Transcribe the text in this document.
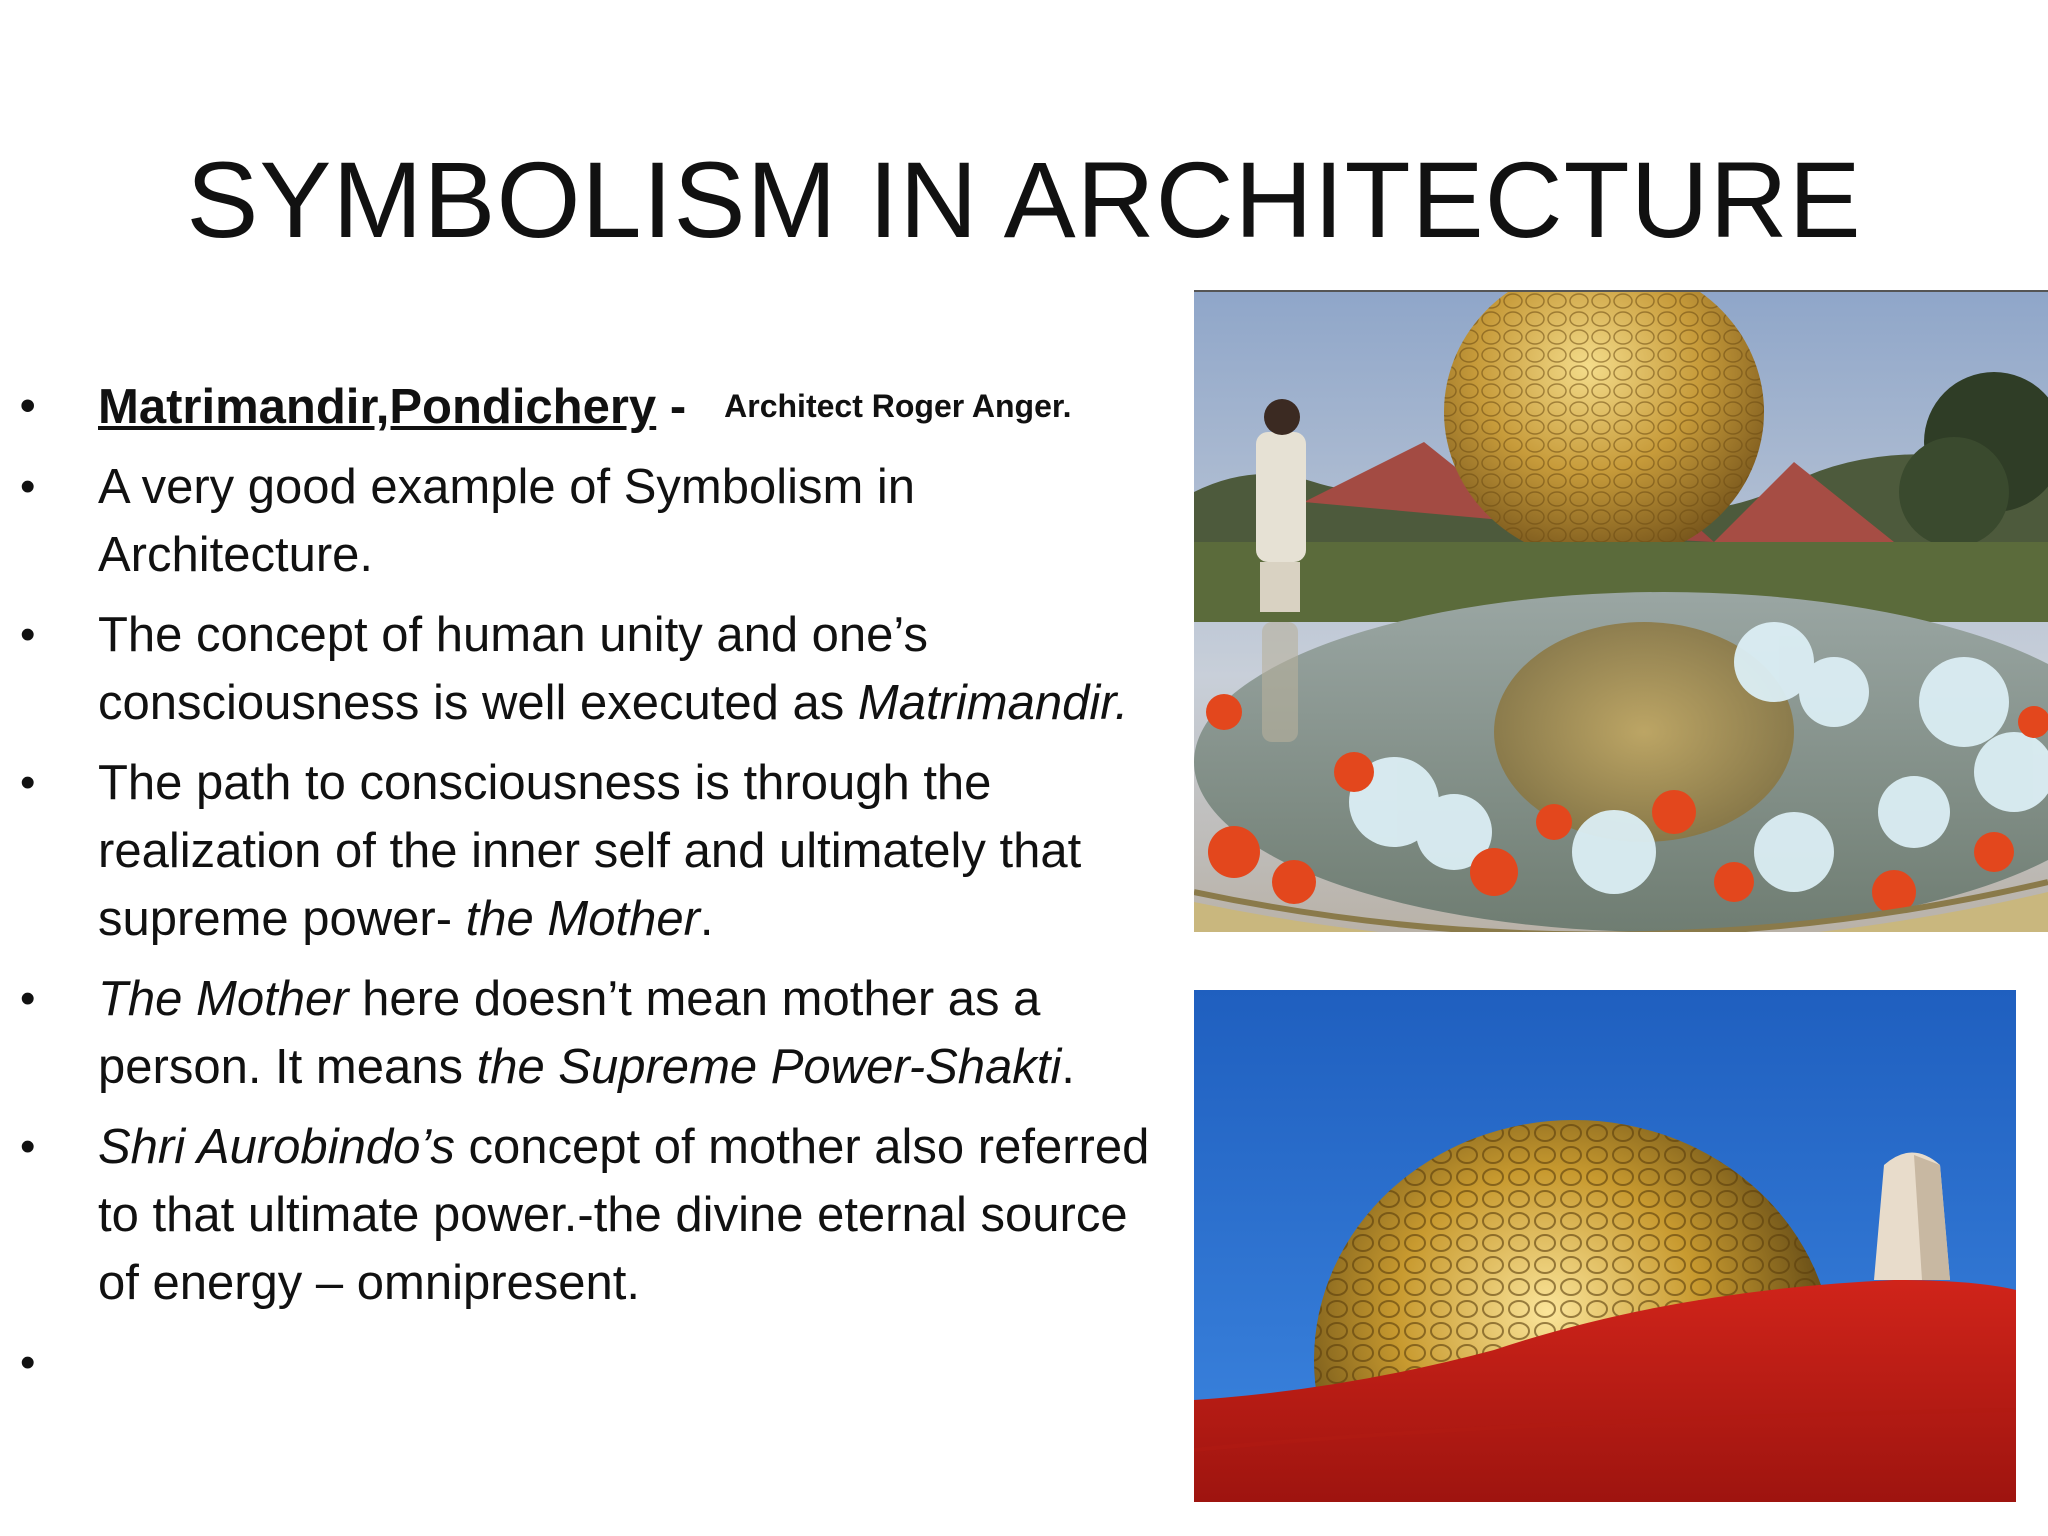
SYMBOLISM IN ARCHITECTURE
• Matrimandir,Pondichery - Architect Roger Anger.
• A very good example of Symbolism in Architecture.
• The concept of human unity and one’s consciousness is well executed as Matrimandir.
• The path to consciousness is through the realization of the inner self and ultimately that supreme power- the Mother.
• The Mother here doesn’t mean mother as a person. It means the Supreme Power-Shakti.
• Shri Aurobindo’s concept of mother also referred to that ultimate power.-the divine eternal source of energy – omnipresent.
•
